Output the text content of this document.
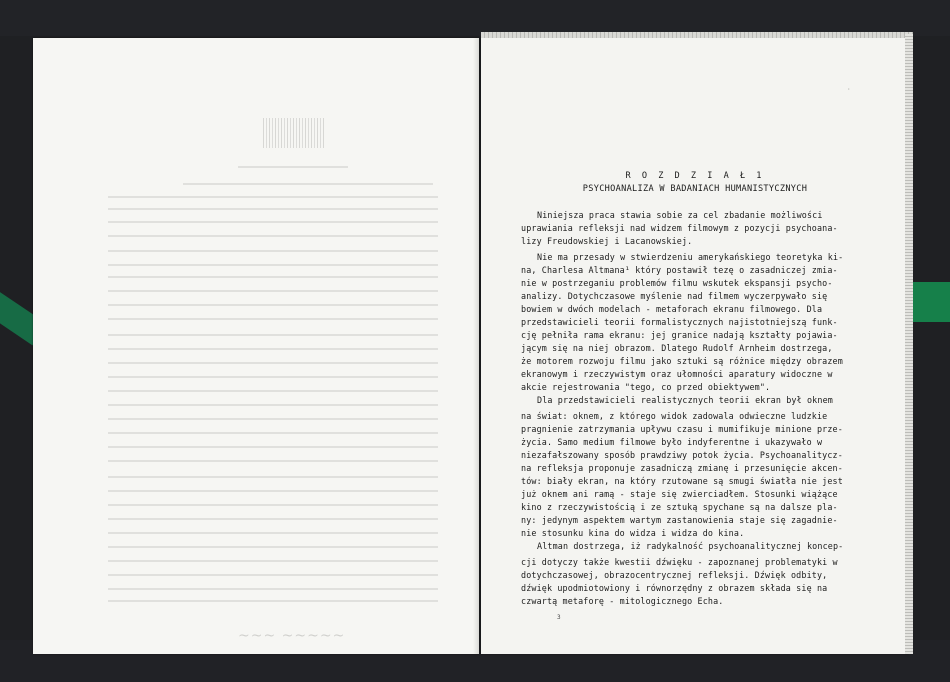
~~~ ~~~~~
·
R O Z D Z I A Ł 1
PSYCHOANALIZA W BADANIACH HUMANISTYCZNYCH
Niniejsza praca stawia sobie za cel zbadanie możliwości
uprawiania refleksji nad widzem filmowym z pozycji psychoana-
lizy Freudowskiej i Lacanowskiej.
Nie ma przesady w stwierdzeniu amerykańskiego teoretyka ki-
na, Charlesa Altmana¹ który postawił tezę o zasadniczej zmia-
nie w postrzeganiu problemów filmu wskutek ekspansji psycho-
analizy. Dotychczasowe myślenie nad filmem wyczerpywało się
bowiem w dwóch modelach - metaforach ekranu filmowego. Dla
przedstawicieli teorii formalistycznych najistotniejszą funk-
cję pełniła rama ekranu: jej granice nadają kształty pojawia-
jącym się na niej obrazom. Dlatego Rudolf Arnheim dostrzega,
że motorem rozwoju filmu jako sztuki są różnice między obrazem
ekranowym i rzeczywistym oraz ułomności aparatury widoczne w
akcie rejestrowania "tego, co przed obiektywem".
Dla przedstawicieli realistycznych teorii ekran był oknem
na świat: oknem, z którego widok zadowala odwieczne ludzkie
pragnienie zatrzymania upływu czasu i mumifikuje minione prze-
życia. Samo medium filmowe było indyferentne i ukazywało w
niezafałszowany sposób prawdziwy potok życia. Psychoanalitycz-
na refleksja proponuje zasadniczą zmianę i przesunięcie akcen-
tów: biały ekran, na który rzutowane są smugi światła nie jest
już oknem ani ramą - staje się zwierciadłem. Stosunki wiążące
kino z rzeczywistością i ze sztuką spychane są na dalsze pla-
ny: jedynym aspektem wartym zastanowienia staje się zagadnie-
nie stosunku kina do widza i widza do kina.
Altman dostrzega, iż radykalność psychoanalitycznej koncep-
cji dotyczy także kwestii dźwięku - zapoznanej problematyki w
dotychczasowej, obrazocentrycznej refleksji. Dźwięk odbity,
dźwięk upodmiotowiony i równorzędny z obrazem składa się na
czwartą metaforę - mitologicznego Echa.
3
